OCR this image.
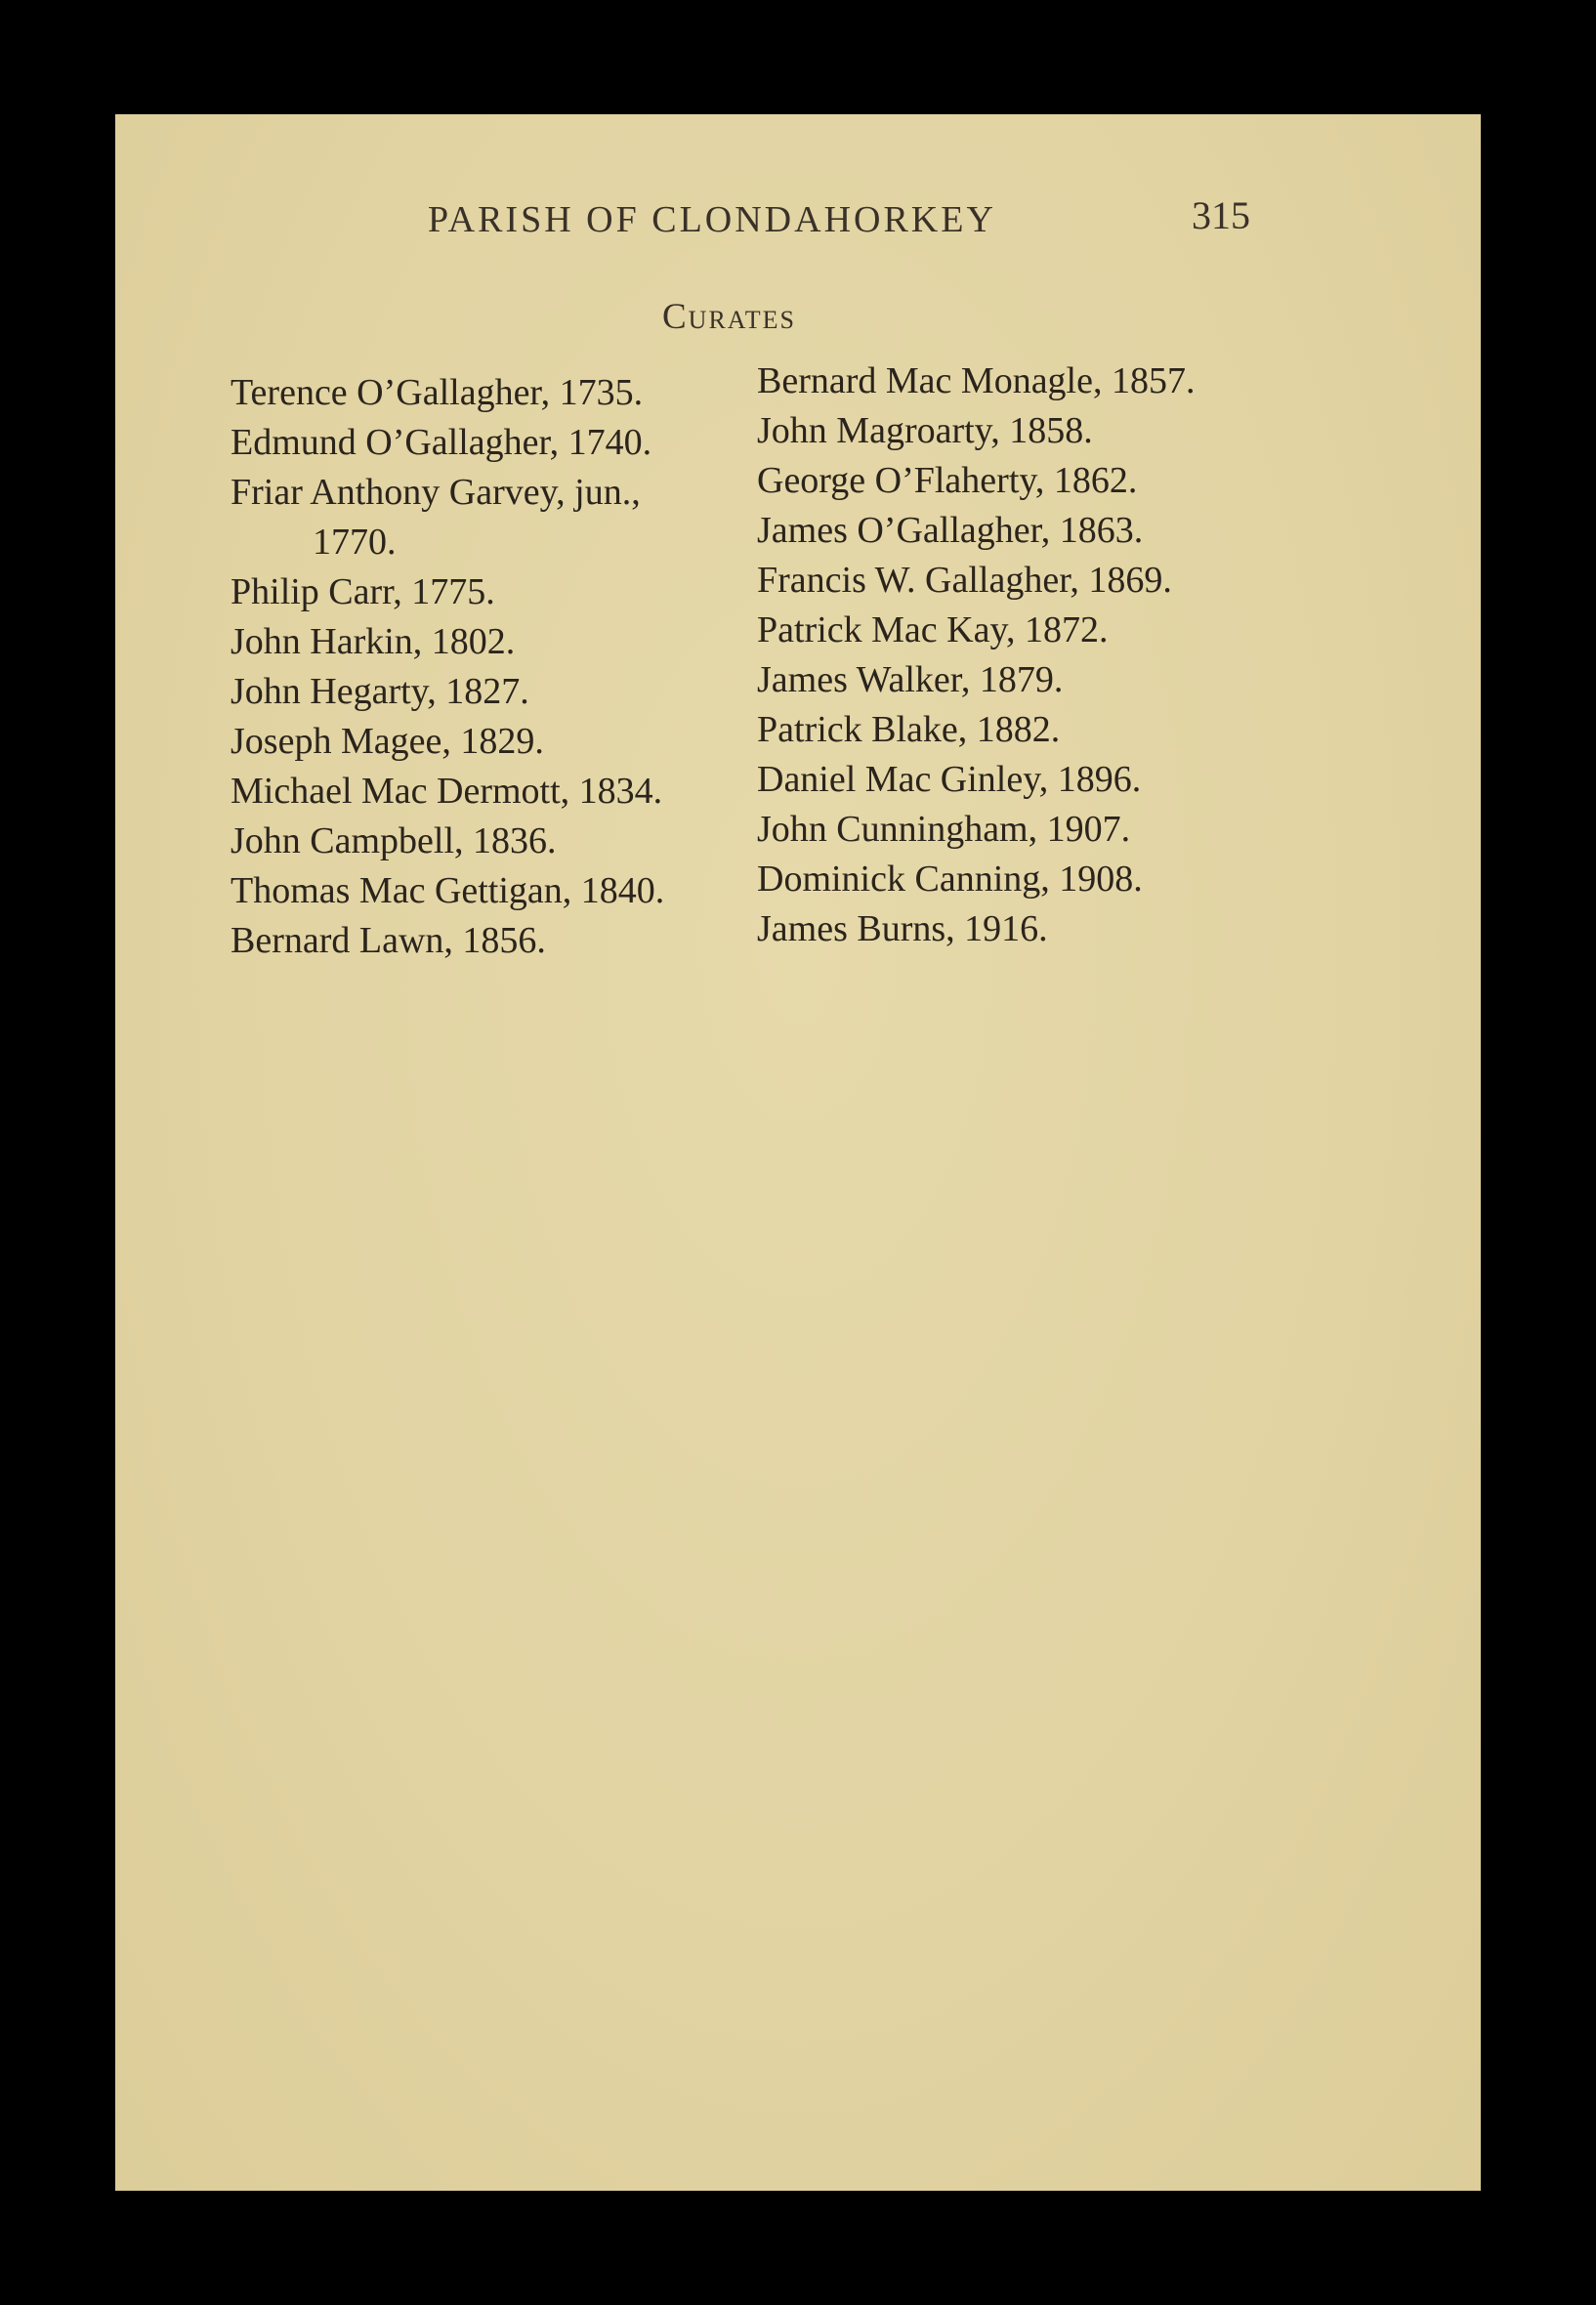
PARISH OF CLONDAHORKEY	315
Curates
Terence O’Gallagher, 1735.
Edmund O’Gallagher, 1740.
Friar Anthony Garvey, jun.,
1770.
Philip Carr, 1775.
John Harkin, 1802.
John Hegarty, 1827.
Joseph Magee, 1829.
Michael Mac Dermott, 1834.
John Campbell, 1836.
Thomas Mac Gettigan, 1840.
Bernard Lawn, 1856.
Bernard Mac Monagle, 1857.
John Magroarty, 1858.
George O’Flaherty, 1862.
James O’Gallagher, 1863.
Francis W. Gallagher, 1869.
Patrick Mac Kay, 1872.
James Walker, 1879.
Patrick Blake, 1882.
Daniel Mac Ginley, 1896.
John Cunningham, 1907.
Dominick Canning, 1908.
James Burns, 1916.
